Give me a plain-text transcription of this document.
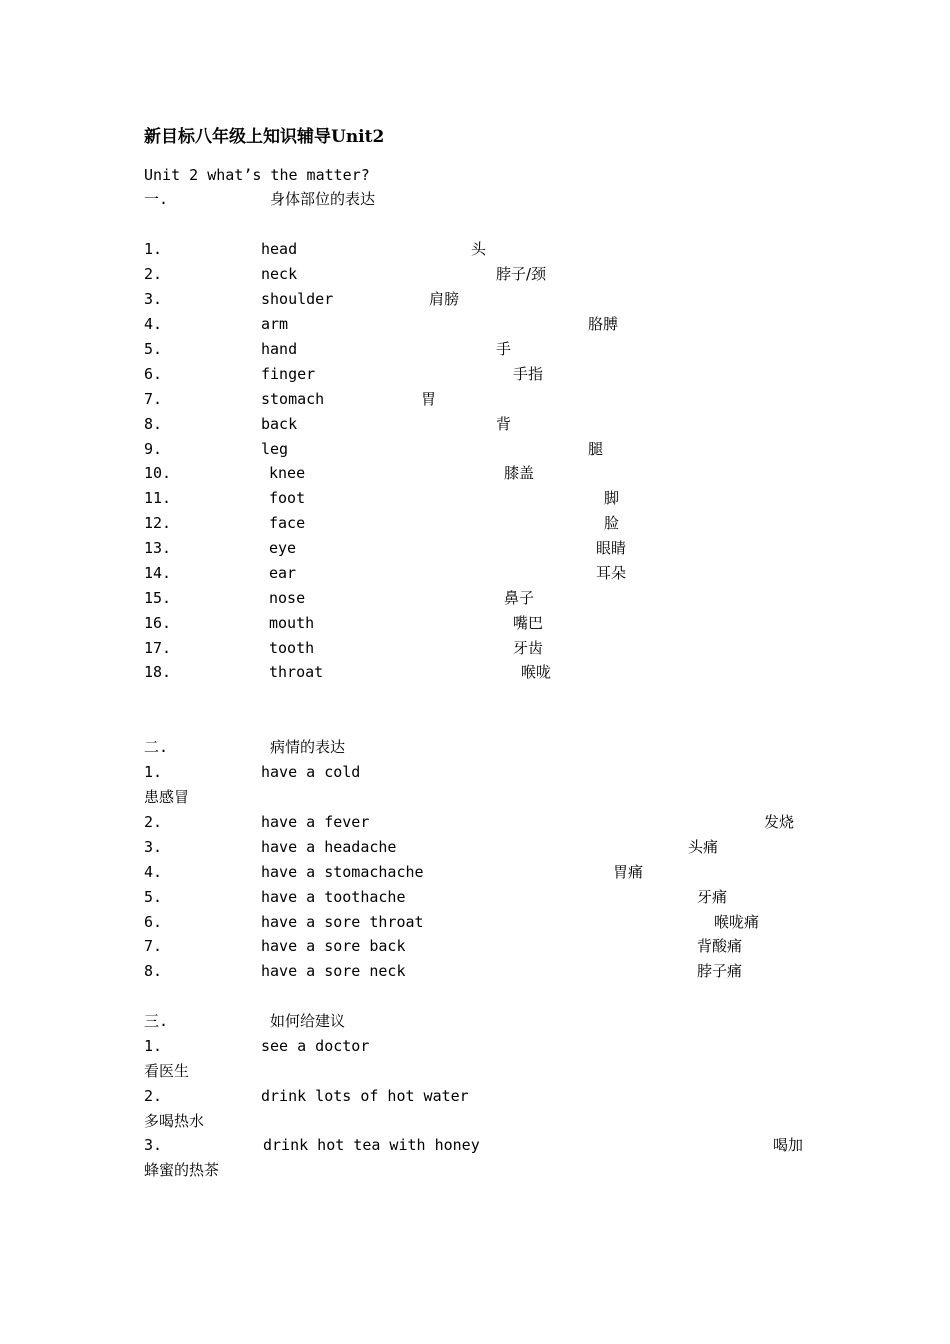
新目标八年级上知识辅导Unit2
Unit 2 what’s the matter?
一.	身体部位的表达
1.	head	头
2.	neck	脖子/颈
3.	shoulder	肩膀
4.	arm	胳膊
5.	hand	手
6.	finger	手指
7.	stomach	胃
8.	back	背
9.	leg	腿
10.	knee	膝盖
11.	foot	脚
12.	face	脸
13.	eye	眼睛
14.	ear	耳朵
15.	nose	鼻子
16.	mouth	嘴巴
17.	tooth	牙齿
18.	throat	喉咙
二.	病情的表达
1.	have a cold
患感冒
2.	have a fever	发烧
3.	have a headache	头痛
4.	have a stomachache	胃痛
5.	have a toothache	牙痛
6.	have a sore throat	喉咙痛
7.	have a sore back	背酸痛
8.	have a sore neck	脖子痛
三.	如何给建议
1.	see a doctor
看医生
2.	drink lots of hot water
多喝热水
3.	drink hot tea with honey	喝加
蜂蜜的热茶
